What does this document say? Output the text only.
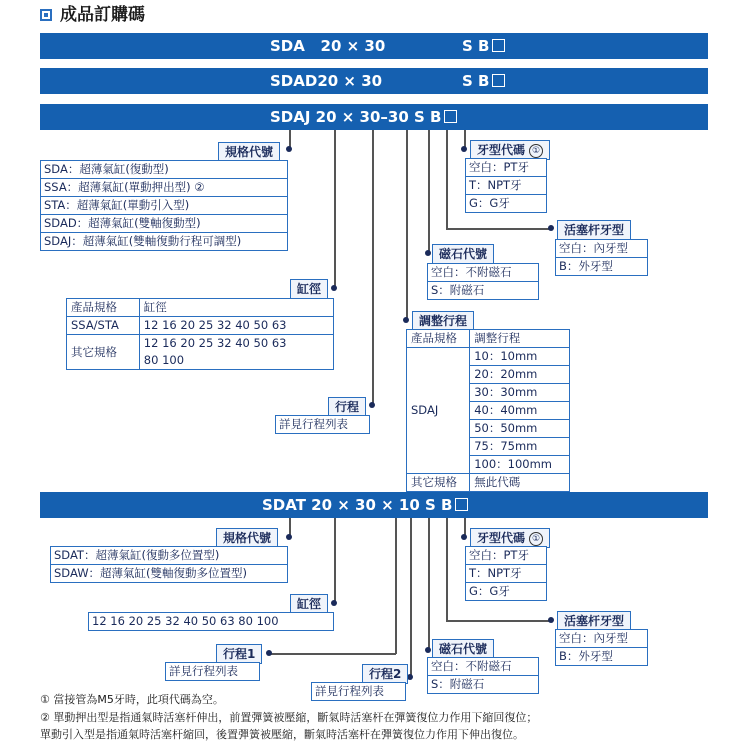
成品訂購碼
SDA   20 × 30	S B
SDAD20 × 30	S B
SDAJ 20 × 30–30 S B
規格代號
SDA：超薄氣缸(復動型)
SSA：超薄氣缸(單動押出型) ②
STA：超薄氣缸(單動引入型)
SDAD：超薄氣缸(雙軸復動型)
SDAJ：超薄氣缸(雙軸復動行程可調型)
牙型代碼 ①
空白：PT牙
T：NPT牙
G：G牙
活塞杆牙型
空白：內牙型
B：外牙型
磁石代號
空白：不附磁石
S：附磁石
缸徑
產品規格	缸徑
SSA/STA	12 16 20 25 32 40 50 63
其它規格	12 16 20 25 32 40 50 63
80 100
調整行程
產品規格	調整行程
SDAJ	10：10mm
	20：20mm
	30：30mm
	40：40mm
	50：50mm
	75：75mm
	100：100mm
其它規格	無此代碼
行程
詳見行程列表
SDAT 20 × 30 × 10 S B
規格代號
SDAT：超薄氣缸(復動多位置型)
SDAW：超薄氣缸(雙軸復動多位置型)
牙型代碼 ①
空白：PT牙
T：NPT牙
G：G牙
缸徑
12 16 20 25 32 40 50 63 80 100	活塞杆牙型
空白：內牙型
B：外牙型
磁石代號
空白：不附磁石
S：附磁石
行程1
詳見行程列表	行程2
詳見行程列表
① 當接管為M5牙時，此項代碼為空。
② 單動押出型是指通氣時活塞杆伸出，前置彈簧被壓縮，斷氣時活塞杆在彈簧復位力作用下縮回復位；
單動引入型是指通氣時活塞杆縮回，後置彈簧被壓縮，斷氣時活塞杆在彈簧復位力作用下伸出復位。
